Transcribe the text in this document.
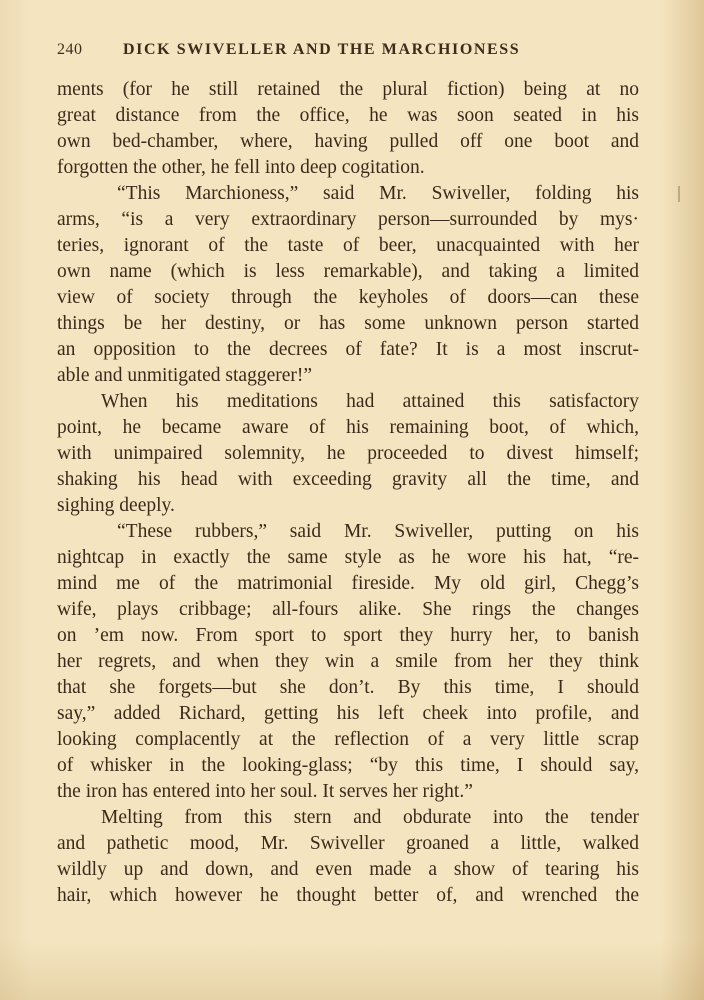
240	DICK SWIVELLER AND THE MARCHIONESS
ments (for he still retained the plural fiction) being at no
great distance from the office, he was soon seated in his
own bed-chamber, where, having pulled off one boot and
forgotten the other, he fell into deep cogitation.
“This Marchioness,” said Mr. Swiveller, folding his
arms, “is a very extraordinary person—surrounded by mys·
teries, ignorant of the taste of beer, unacquainted with her
own name (which is less remarkable), and taking a limited
view of society through the keyholes of doors—can these
things be her destiny, or has some unknown person started
an opposition to the decrees of fate? It is a most inscrut-
able and unmitigated staggerer!”
When his meditations had attained this satisfactory
point, he became aware of his remaining boot, of which,
with unimpaired solemnity, he proceeded to divest himself;
shaking his head with exceeding gravity all the time, and
sighing deeply.
“These rubbers,” said Mr. Swiveller, putting on his
nightcap in exactly the same style as he wore his hat, “re-
mind me of the matrimonial fireside. My old girl, Chegg’s
wife, plays cribbage; all-fours alike. She rings the changes
on ’em now. From sport to sport they hurry her, to banish
her regrets, and when they win a smile from her they think
that she forgets—but she don’t. By this time, I should
say,” added Richard, getting his left cheek into profile, and
looking complacently at the reflection of a very little scrap
of whisker in the looking-glass; “by this time, I should say,
the iron has entered into her soul. It serves her right.”
Melting from this stern and obdurate into the tender
and pathetic mood, Mr. Swiveller groaned a little, walked
wildly up and down, and even made a show of tearing his
hair, which however he thought better of, and wrenched the
